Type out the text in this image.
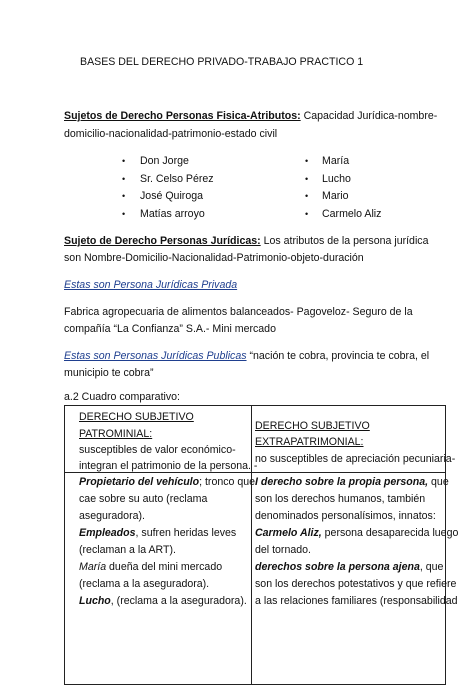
BASES DEL DERECHO PRIVADO-TRABAJO PRACTICO 1
Sujetos de Derecho Personas Fisica-Atributos: Capacidad Jurídica-nombre-
domicilio-nacionalidad-patrimonio-estado civil
• Don Jorge
• Sr. Celso Pérez
• José Quiroga
• Matías arroyo
• María
• Lucho
• Mario
• Carmelo Aliz
Sujeto de Derecho Personas Jurídicas: Los atributos de la persona jurídica
son Nombre-Domicilio-Nacionalidad-Patrimonio-objeto-duración
Estas son Persona Jurídicas Privada
Fabrica agropecuaria de alimentos balanceados- Pagoveloz- Seguro de la
compañía “La Confianza” S.A.- Mini mercado
Estas son Personas Jurídicas Publicas “nación te cobra, provincia te cobra, el
municipio te cobra”
a.2 Cuadro comparativo:
DERECHO SUBJETIVO
PATROMINIAL:
susceptibles de valor económico-
integran el patrimonio de la persona. -
DERECHO SUBJETIVO
EXTRAPATRIMONIAL:
no susceptibles de apreciación pecuniaria-
Propietario del vehículo; tronco que
cae sobre su auto (reclama
aseguradora).
Empleados, sufren heridas leves
(reclaman a la ART).
María dueña del mini mercado
(reclama a la aseguradora).
Lucho, (reclama a la aseguradora).
I derecho sobre la propia persona, que
son los derechos humanos, también
denominados personalísimos, innatos:
Carmelo Aliz, persona desaparecida luego
del tornado.
derechos sobre la persona ajena, que
son los derechos potestativos y que refiere
a las relaciones familiares (responsabilidad
